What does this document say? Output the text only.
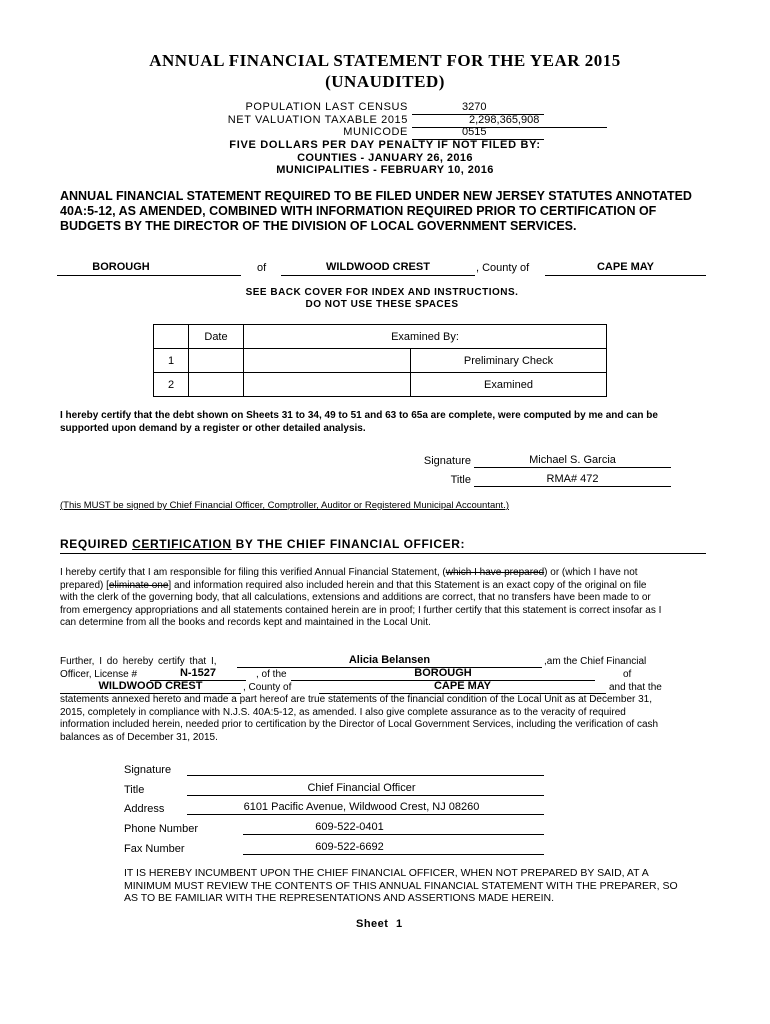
ANNUAL FINANCIAL STATEMENT FOR THE YEAR 2015
(UNAUDITED)
POPULATION LAST CENSUS	3270
NET VALUATION TAXABLE 2015	2,298,365,908
MUNICODE	0515
FIVE DOLLARS PER DAY PENALTY IF NOT FILED BY:
COUNTIES - JANUARY 26, 2016
MUNICIPALITIES - FEBRUARY 10, 2016
ANNUAL FINANCIAL STATEMENT REQUIRED TO BE FILED UNDER NEW JERSEY STATUTES ANNOTATED 40A:5-12, AS AMENDED, COMBINED WITH INFORMATION REQUIRED PRIOR TO CERTIFICATION OF BUDGETS BY THE DIRECTOR OF THE DIVISION OF LOCAL GOVERNMENT SERVICES.
BOROUGH	of	WILDWOOD CREST	, County of	CAPE MAY
SEE BACK COVER FOR INDEX AND INSTRUCTIONS.
DO NOT USE THESE SPACES
	Date	Examined By:	
1			Preliminary Check
2			Examined
I hereby certify that the debt shown on Sheets 31 to 34, 49 to 51 and 63 to 65a are complete, were computed by me and can be supported upon demand by a register or other detailed analysis.
Signature	Michael S. Garcia
Title	RMA# 472
(This MUST be signed by Chief Financial Officer, Comptroller, Auditor or Registered Municipal Accountant.)
REQUIRED CERTIFICATION BY THE CHIEF FINANCIAL OFFICER:
I hereby certify that I am responsible for filing this verified Annual Financial Statement, (which I have prepared) or (which I have not prepared) [eliminate one] and information required also included herein and that this Statement is an exact copy of the original on file with the clerk of the governing body, that all calculations, extensions and additions are correct, that no transfers have been made to or from emergency appropriations and all statements contained herein are in proof; I further certify that this statement is correct insofar as I can determine from all the books and records kept and maintained in the Local Unit.
Further, I do hereby certify that I,	Alicia Belansen	,am the Chief Financial
Officer, License #	N-1527	, of the	BOROUGH	of
WILDWOOD CREST	, County of	CAPE MAY	and that the
statements annexed hereto and made a part hereof are true statements of the financial condition of the Local Unit as at December 31, 2015, completely in compliance with N.J.S. 40A:5-12, as amended. I also give complete assurance as to the veracity of required information included herein, needed prior to certification by the Director of Local Government Services, including the verification of cash balances as of December 31, 2015.
Signature
Title	Chief Financial Officer
Address	6101 Pacific Avenue, Wildwood Crest, NJ 08260
Phone Number	609-522-0401
Fax Number	609-522-6692
IT IS HEREBY INCUMBENT UPON THE CHIEF FINANCIAL OFFICER, WHEN NOT PREPARED BY SAID, AT A MINIMUM MUST REVIEW THE CONTENTS OF THIS ANNUAL FINANCIAL STATEMENT WITH THE PREPARER, SO AS TO BE FAMILIAR WITH THE REPRESENTATIONS AND ASSERTIONS MADE HEREIN.
Sheet 1
